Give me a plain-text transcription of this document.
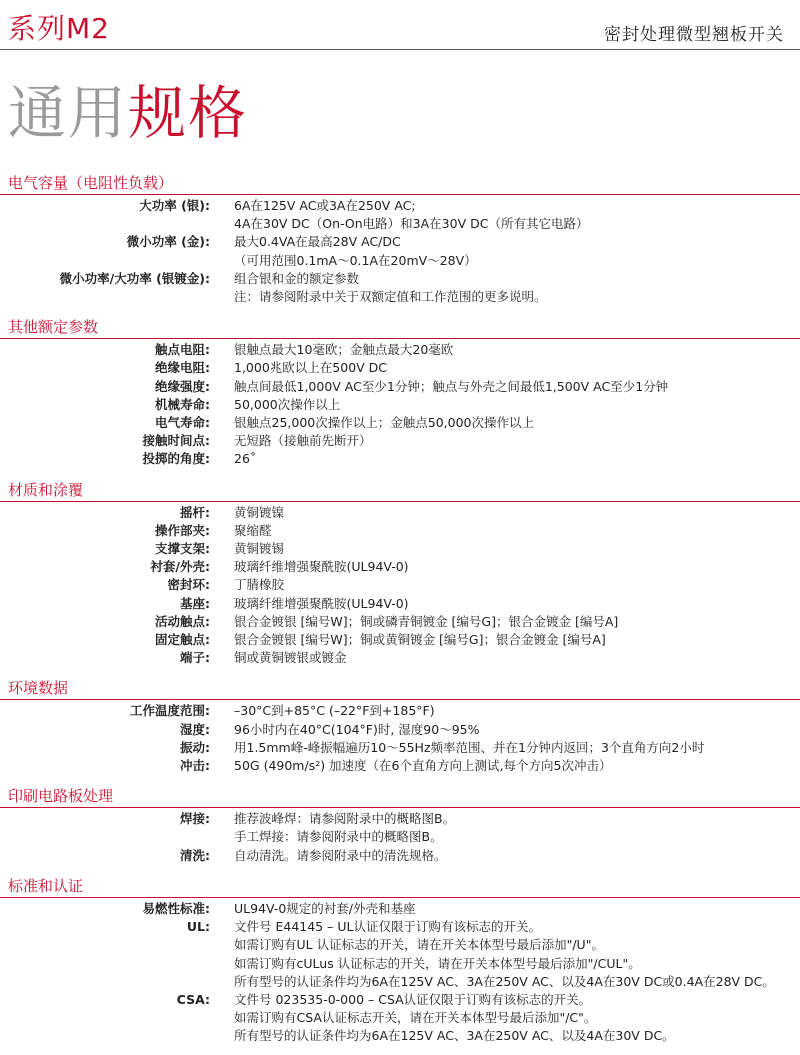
系列M2	密封处理微型翘板开关
通用规格
电气容量（电阻性负载）
大功率 (银):	6A在125V AC或3A在250V AC;
4A在30V DC（On-On电路）和3A在30V DC（所有其它电路）
微小功率 (金):	最大0.4VA在最高28V AC/DC
（可用范围0.1mA～0.1A在20mV～28V）
微小功率/大功率 (银镀金):	组合银和金的额定参数
注：请参阅附录中关于双额定值和工作范围的更多说明。
其他额定参数
触点电阻:	银触点最大10毫欧；金触点最大20毫欧
绝缘电阻:	1,000兆欧以上在500V DC
绝缘强度:	触点间最低1,000V AC至少1分钟；触点与外壳之间最低1,500V AC至少1分钟
机械寿命:	50,000次操作以上
电气寿命:	银触点25,000次操作以上；金触点50,000次操作以上
接触时间点:	无短路（接触前先断开）
投掷的角度:	26˚
材质和涂覆
摇杆:	黄铜镀镍
操作部夹:	聚缩醛
支撑支架:	黄铜镀锡
衬套/外壳:	玻璃纤维增强聚酰胺(UL94V-0)
密封环:	丁腈橡胶
基座:	玻璃纤维增强聚酰胺(UL94V-0)
活动触点:	银合金镀银 [编号W]；铜或磷青铜镀金 [编号G]；银合金镀金 [编号A]
固定触点:	银合金镀银 [编号W]；铜或黄铜镀金 [编号G]；银合金镀金 [编号A]
端子:	铜或黄铜镀银或镀金
环境数据
工作温度范围:	–30°C到+85°C (–22°F到+185°F)
湿度:	96小时内在40°C(104°F)时, 湿度90～95%
振动:	用1.5mm峰-峰振幅遍历10～55Hz频率范围、并在1分钟内返回；3个直角方向2小时
冲击:	50G (490m/s²) 加速度（在6个直角方向上测试,每个方向5次冲击）
印刷电路板处理
焊接:	推荐波峰焊：请参阅附录中的概略图B。
手工焊接：请参阅附录中的概略图B。
清洗:	自动清洗。请参阅附录中的清洗规格。
标准和认证
易燃性标准:	UL94V-0规定的衬套/外壳和基座
UL:	文件号 E44145 – UL认证仅限于订购有该标志的开关。
如需订购有UL 认证标志的开关，请在开关本体型号最后添加"/U"。
如需订购有cULus 认证标志的开关，请在开关本体型号最后添加"/CUL"。
所有型号的认证条件均为6A在125V AC、3A在250V AC、以及4A在30V DC或0.4A在28V DC。
CSA:	文件号 023535-0-000 – CSA认证仅限于订购有该标志的开关。
如需订购有CSA认证标志开关，请在开关本体型号最后添加"/C"。
所有型号的认证条件均为6A在125V AC、3A在250V AC、以及4A在30V DC。
